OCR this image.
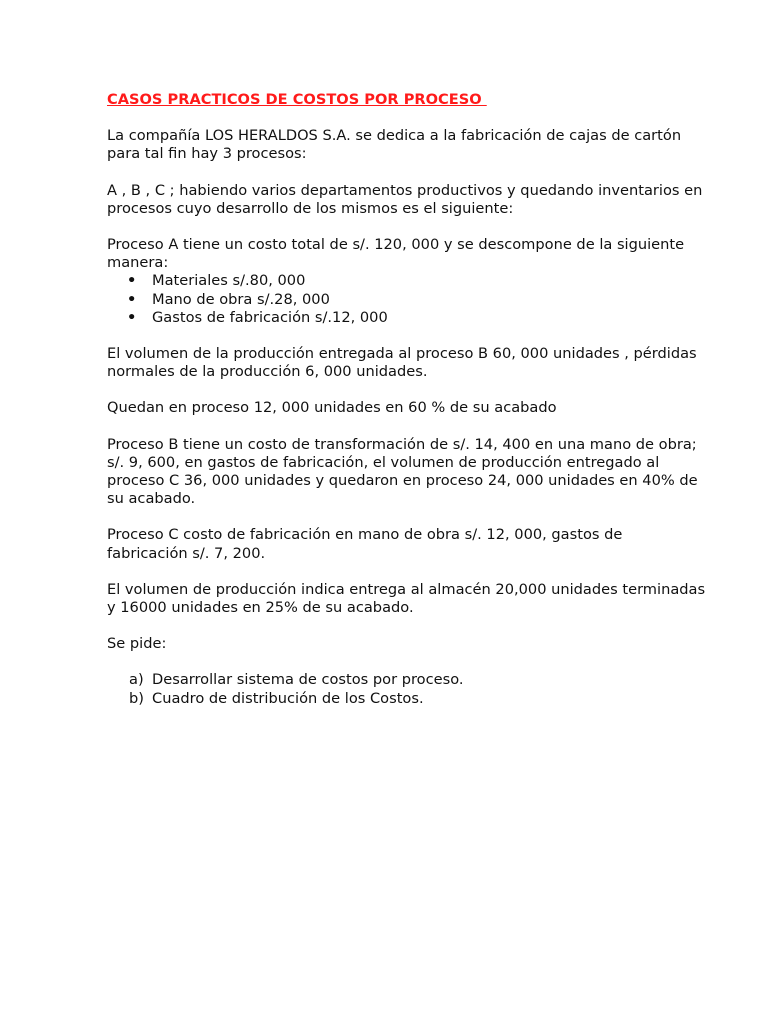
CASOS PRACTICOS DE COSTOS POR PROCESO

La compañía LOS HERALDOS S.A. se dedica a la fabricación de cajas de cartón para tal fin hay 3 procesos:

A , B , C ; habiendo varios departamentos productivos y quedando inventarios en procesos cuyo desarrollo de los mismos es el siguiente:

Proceso A tiene un costo total de s/. 120, 000 y se descompone de la siguiente manera:

• Materiales s/.80, 000
• Mano de obra s/.28, 000
• Gastos de fabricación s/.12, 000

El volumen de la producción entregada al proceso B 60, 000 unidades , pérdidas normales de la producción 6, 000 unidades.

Quedan en proceso 12, 000 unidades en 60 % de su acabado

Proceso B tiene un costo de transformación de s/. 14, 400 en una mano de obra; s/. 9, 600, en gastos de fabricación, el volumen de producción entregado al proceso C 36, 000 unidades y quedaron en proceso 24, 000 unidades en 40% de su acabado.

Proceso C costo de fabricación en mano de obra s/. 12, 000, gastos de fabricación s/. 7, 200.

El volumen de producción indica entrega al almacén 20,000 unidades terminadas y 16000 unidades en 25% de su acabado.

Se pide:

a) Desarrollar sistema de costos por proceso.
b) Cuadro de distribución de los Costos.
